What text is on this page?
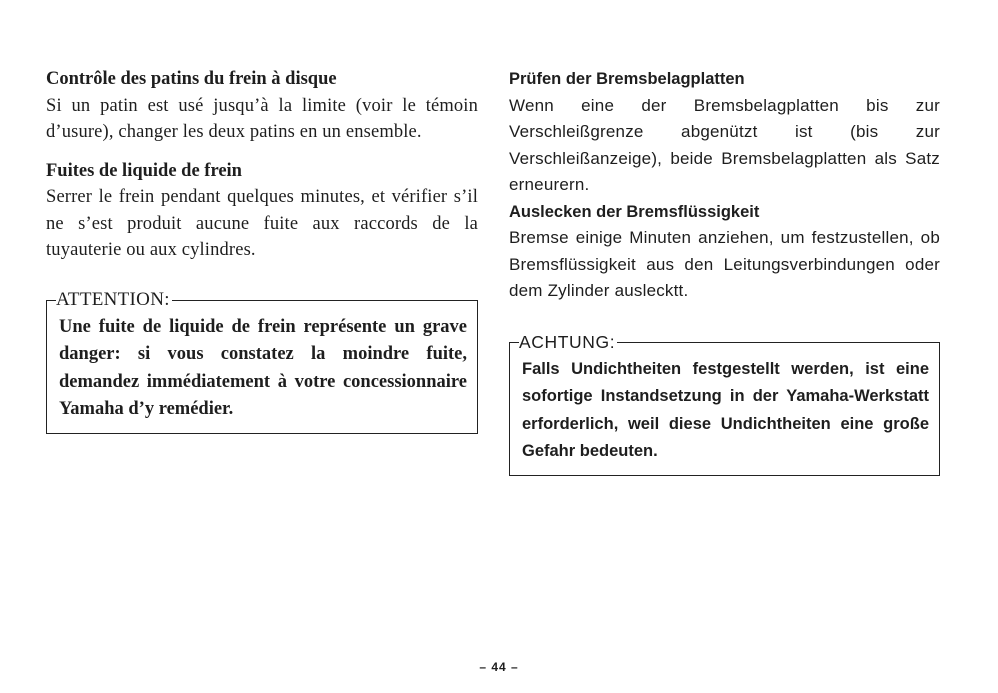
Contrôle des patins du frein à disque

Si un patin est usé jusqu’à la limite (voir le témoin d’usure), changer les deux patins en un ensemble.

Fuites de liquide de frein

Serrer le frein pendant quelques minutes, et vérifier s’il ne s’est produit aucune fuite aux raccords de la tuyauterie ou aux cylindres.

ATTENTION:
Une fuite de liquide de frein représente un grave danger: si vous constatez la moindre fuite, demandez immédiatement à votre concessionnaire Yamaha d’y remédier.

Prüfen der Bremsbelagplatten

Wenn eine der Bremsbelagplatten bis zur Verschleißgrenze abgenützt ist (bis zur Verschleißanzeige), beide Bremsbelagplatten als Satz erneurern.

Auslecken der Bremsflüssigkeit

Bremse einige Minuten anziehen, um festzustellen, ob Bremsflüssigkeit aus den Leitungsverbindungen oder dem Zylinder auslecktt.

ACHTUNG:
Falls Undichtheiten festgestellt werden, ist eine sofortige Instandsetzung in der Yamaha-Werkstatt erforderlich, weil diese Undichtheiten eine große Gefahr bedeuten.
– 44 –
